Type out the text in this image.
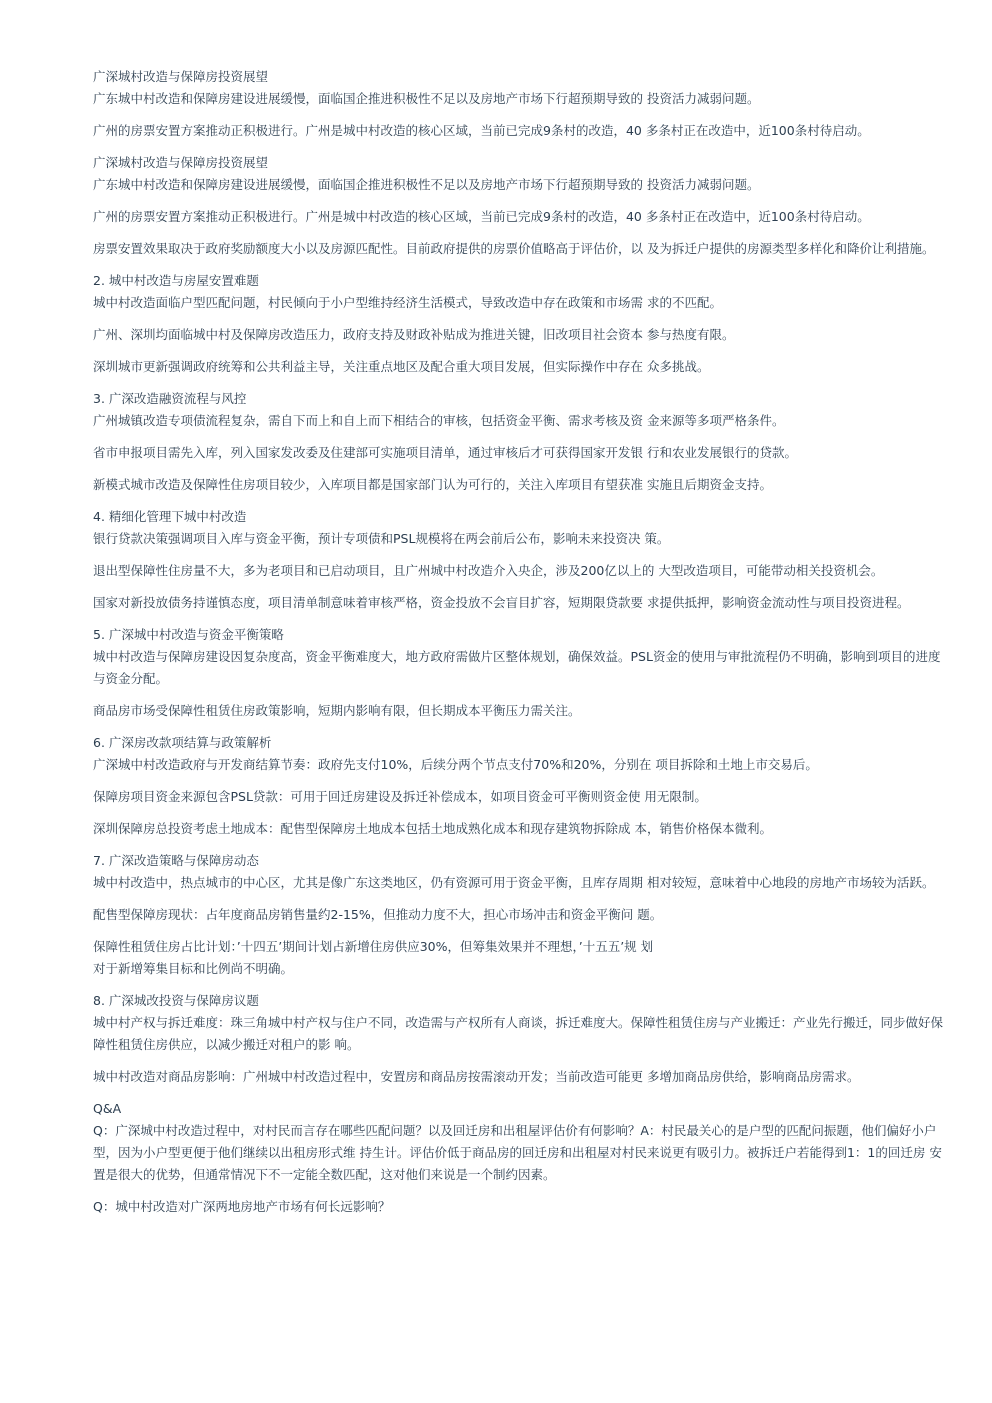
广深城村改造与保障房投资展望
广东城中村改造和保障房建设进展缓慢，面临国企推进积极性不足以及房地产市场下行超预期导致的 投资活力减弱问题。
广州的房票安置方案推动正积极进行。广州是城中村改造的核心区域，当前已完成9条村的改造，40 多条村正在改造中，近100条村待启动。
广深城村改造与保障房投资展望
广东城中村改造和保障房建设进展缓慢，面临国企推进积极性不足以及房地产市场下行超预期导致的 投资活力减弱问题。
广州的房票安置方案推动正积极进行。广州是城中村改造的核心区域，当前已完成9条村的改造，40 多条村正在改造中，近100条村待启动。
房票安置效果取决于政府奖励额度大小以及房源匹配性。目前政府提供的房票价值略高于评估价，以 及为拆迁户提供的房源类型多样化和降价让利措施。
2. 城中村改造与房屋安置难题
城中村改造面临户型匹配问题，村民倾向于小户型维持经济生活模式，导致改造中存在政策和市场需 求的不匹配。
广州、深圳均面临城中村及保障房改造压力，政府支持及财政补贴成为推进关键，旧改项目社会资本 参与热度有限。
深圳城市更新强调政府统筹和公共利益主导，关注重点地区及配合重大项目发展，但实际操作中存在 众多挑战。
3. 广深改造融资流程与风控
广州城镇改造专项债流程复杂，需自下而上和自上而下相结合的审核，包括资金平衡、需求考核及资 金来源等多项严格条件。
省市申报项目需先入库，列入国家发改委及住建部可实施项目清单，通过审核后才可获得国家开发银 行和农业发展银行的贷款。
新模式城市改造及保障性住房项目较少，入库项目都是国家部门认为可行的，关注入库项目有望获准 实施且后期资金支持。
4. 精细化管理下城中村改造
银行贷款决策强调项目入库与资金平衡，预计专项债和PSL规模将在两会前后公布，影响未来投资决 策。
退出型保障性住房量不大，多为老项目和已启动项目，且广州城中村改造介入央企，涉及200亿以上的 大型改造项目，可能带动相关投资机会。
国家对新投放债务持谨慎态度，项目清单制意味着审核严格，资金投放不会盲目扩容，短期限贷款要 求提供抵押，影响资金流动性与项目投资进程。
5. 广深城中村改造与资金平衡策略
城中村改造与保障房建设因复杂度高，资金平衡难度大，地方政府需做片区整体规划，确保效益。PSL资金的使用与审批流程仍不明确，影响到项目的进度与资金分配。
商品房市场受保障性租赁住房政策影响，短期内影响有限，但长期成本平衡压力需关注。
6. 广深房改款项结算与政策解析
广深城中村改造政府与开发商结算节奏：政府先支付10%，后续分两个节点支付70%和20%，分别在 项目拆除和土地上市交易后。
保障房项目资金来源包含PSL贷款：可用于回迁房建设及拆迁补偿成本，如项目资金可平衡则资金使 用无限制。
深圳保障房总投资考虑土地成本：配售型保障房土地成本包括土地成熟化成本和现存建筑物拆除成 本，销售价格保本微利。
7. 广深改造策略与保障房动态
城中村改造中，热点城市的中心区，尤其是像广东这类地区，仍有资源可用于资金平衡，且库存周期 相对较短，意味着中心地段的房地产市场较为活跃。
配售型保障房现状：占年度商品房销售量约2-15%，但推动力度不大，担心市场冲击和资金平衡问 题。
保障性租赁住房占比计划：’十四五’期间计划占新增住房供应30%，但筹集效果并不理想，’十五五’规 划
对于新增筹集目标和比例尚不明确。
8. 广深城改投资与保障房议题
城中村产权与拆迁难度：珠三角城中村产权与住户不同，改造需与产权所有人商谈，拆迁难度大。保障性租赁住房与产业搬迁：产业先行搬迁，同步做好保障性租赁住房供应，以减少搬迁对租户的影 响。
城中村改造对商品房影响：广州城中村改造过程中，安置房和商品房按需滚动开发；当前改造可能更 多增加商品房供给，影响商品房需求。
Q&A
Q：广深城中村改造过程中，对村民而言存在哪些匹配问题？以及回迁房和出租屋评估价有何影响？A：村民最关心的是户型的匹配问振题，他们偏好小户型，因为小户型更便于他们继续以出租房形式维 持生计。评估价低于商品房的回迁房和出租屋对村民来说更有吸引力。被拆迁户若能得到1：1的回迁房 安置是很大的优势，但通常情况下不一定能全数匹配，这对他们来说是一个制约因素。
Q：城中村改造对广深两地房地产市场有何长远影响？
